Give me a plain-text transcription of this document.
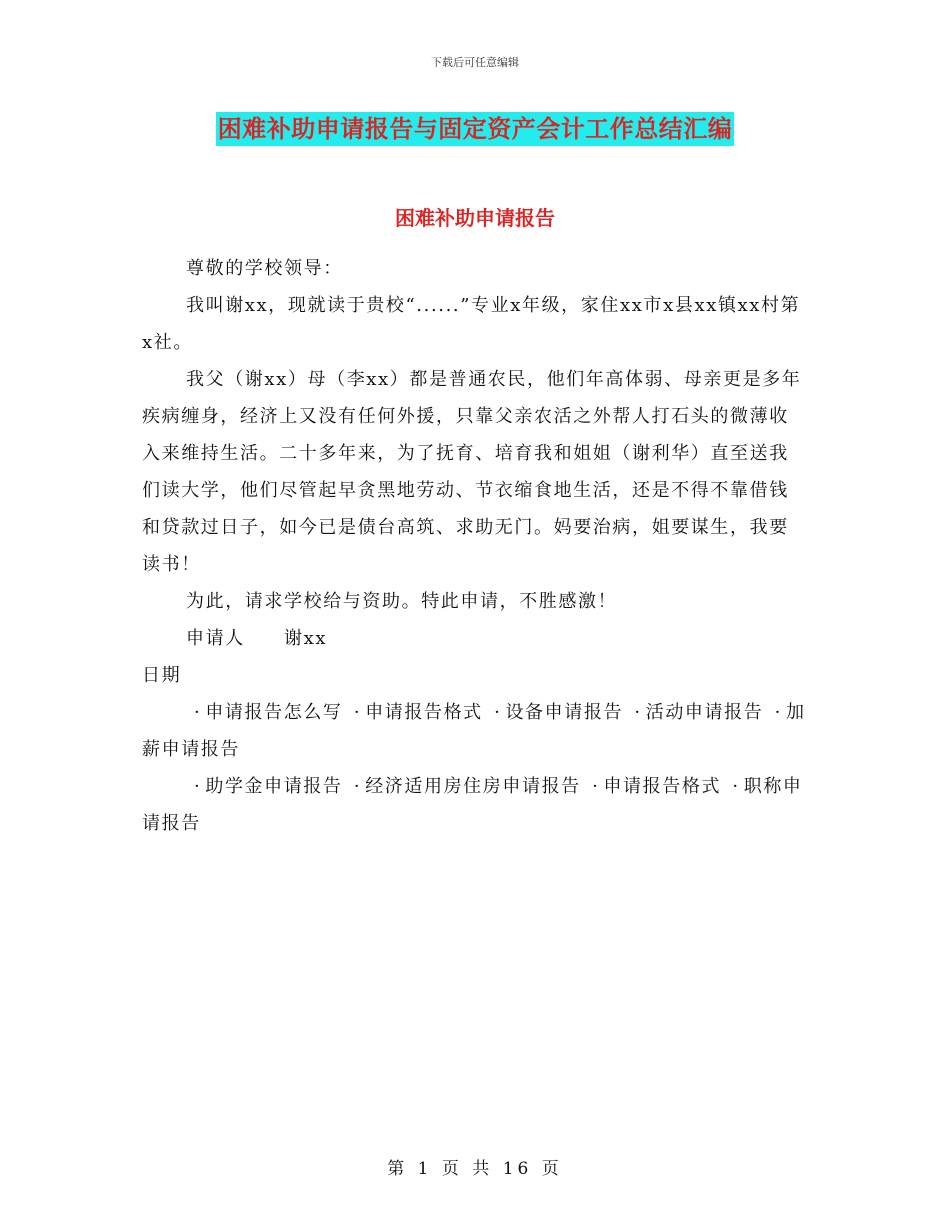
下载后可任意编辑
困难补助申请报告与固定资产会计工作总结汇编
困难补助申请报告

尊敬的学校领导：

我叫谢xx，现就读于贵校“......”专业x年级，家住xx市x县xx镇xx村第x社。

我父（谢xx）母（李xx）都是普通农民，他们年高体弱、母亲更是多年疾病缠身，经济上又没有任何外援，只靠父亲农活之外帮人打石头的微薄收入来维持生活。二十多年来，为了抚育、培育我和姐姐（谢利华）直至送我们读大学，他们尽管起早贪黑地劳动、节衣缩食地生活，还是不得不靠借钱和贷款过日子，如今已是债台高筑、求助无门。妈要治病，姐要谋生，我要读书！

为此，请求学校给与资助。特此申请，不胜感激！

申请人　　谢xx

日期

· 申请报告怎么写 · 申请报告格式 · 设备申请报告 · 活动申请报告 · 加薪申请报告

· 助学金申请报告 · 经济适用房住房申请报告 · 申请报告格式 · 职称申请报告

第 1 页 共 16 页
